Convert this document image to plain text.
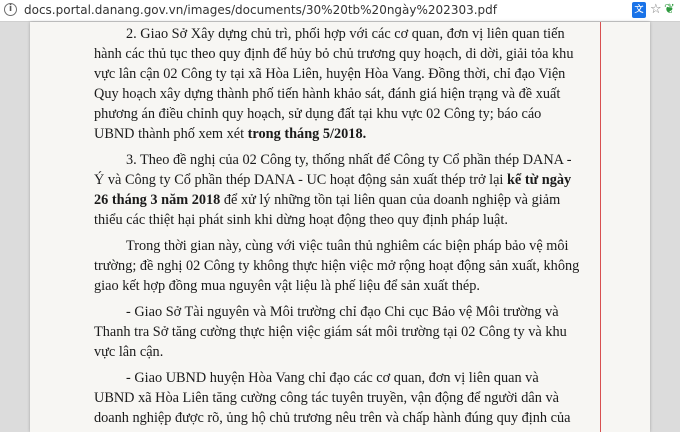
i docs.portal.danang.gov.vn/images/documents/30%20tb%20ngày%202303.pdf	文 ☆ ❦
2. Giao Sở Xây dựng chủ trì, phối hợp với các cơ quan, đơn vị liên quan tiến
hành các thủ tục theo quy định để hủy bỏ chủ trương quy hoạch, di dời, giải tỏa khu
vực lân cận 02 Công ty tại xã Hòa Liên, huyện Hòa Vang. Đồng thời, chỉ đạo Viện
Quy hoạch xây dựng thành phố tiến hành khảo sát, đánh giá hiện trạng và đề xuất
phương án điều chỉnh quy hoạch, sử dụng đất tại khu vực 02 Công ty; báo cáo
UBND thành phố xem xét trong tháng 5/2018.
3. Theo đề nghị của 02 Công ty, thống nhất để Công ty Cổ phần thép DANA -
Ý và Công ty Cổ phần thép DANA - UC hoạt động sản xuất thép trở lại kể từ ngày
26 tháng 3 năm 2018 để xử lý những tồn tại liên quan của doanh nghiệp và giảm
thiểu các thiệt hại phát sinh khi dừng hoạt động theo quy định pháp luật.
Trong thời gian này, cùng với việc tuân thủ nghiêm các biện pháp bảo vệ môi
trường; đề nghị 02 Công ty không thực hiện việc mở rộng hoạt động sản xuất, không
giao kết hợp đồng mua nguyên vật liệu là phế liệu để sản xuất thép.
- Giao Sở Tài nguyên và Môi trường chỉ đạo Chi cục Bảo vệ Môi trường và
Thanh tra Sở tăng cường thực hiện việc giám sát môi trường tại 02 Công ty và khu
vực lân cận.
- Giao UBND huyện Hòa Vang chỉ đạo các cơ quan, đơn vị liên quan và
UBND xã Hòa Liên tăng cường công tác tuyên truyền, vận động để người dân và
doanh nghiệp được rõ, ủng hộ chủ trương nêu trên và chấp hành đúng quy định của
